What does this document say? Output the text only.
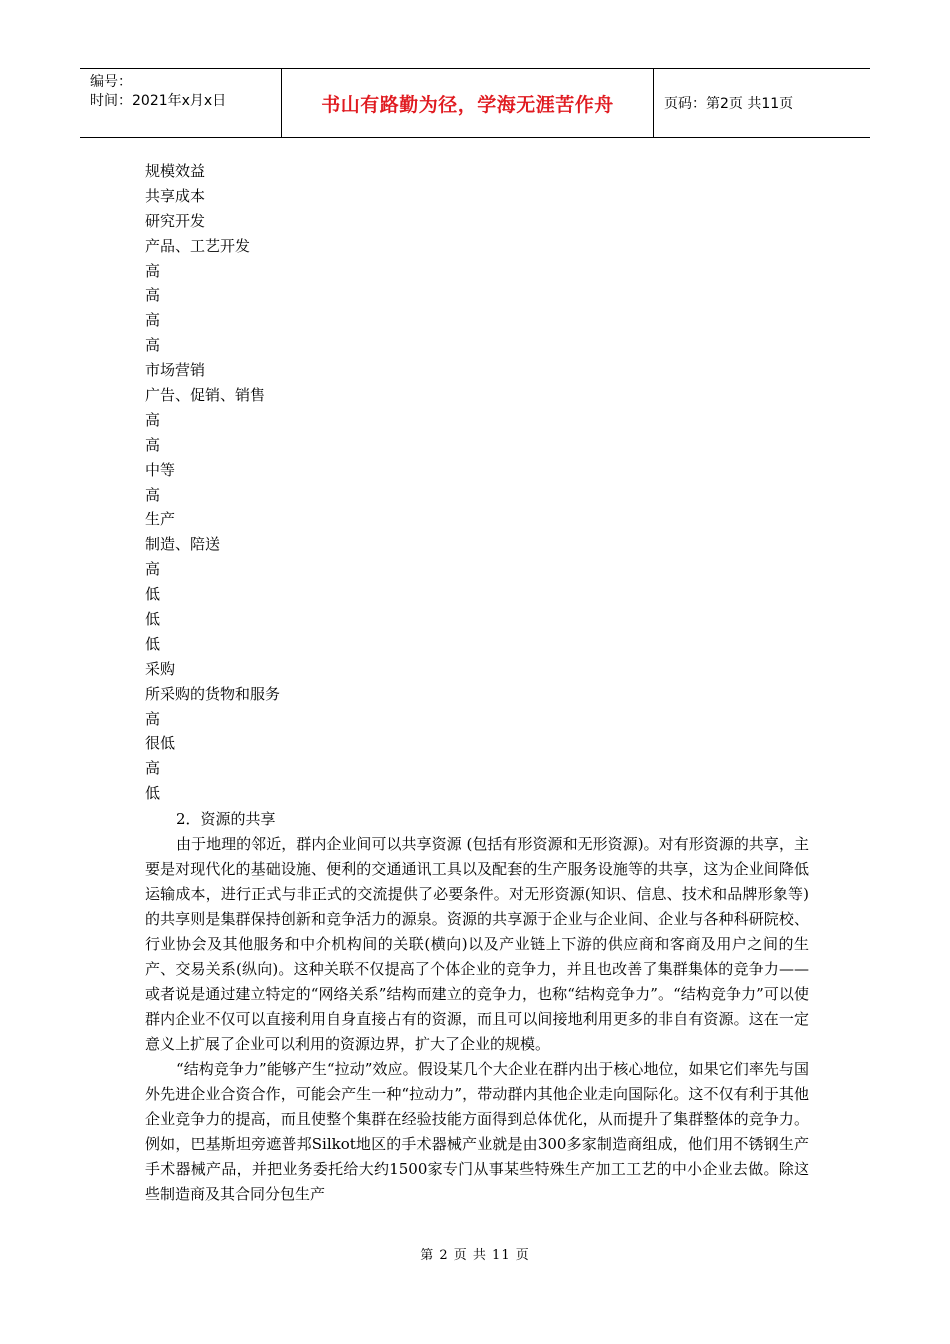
编号：
时间：2021年x月x日	书山有路勤为径，学海无涯苦作舟	页码：第2页 共11页
规模效益
共享成本
研究开发
产品、工艺开发
高
高
高
高
市场营销
广告、促销、销售
高
高
中等
高
生产
制造、陪送
高
低
低
低
采购
所采购的货物和服务
高
很低
高
低
2．资源的共享

由于地理的邻近，群内企业间可以共享资源 (包括有形资源和无形资源)。对有形资源的共享，主要是对现代化的基础设施、便利的交通通讯工具以及配套的生产服务设施等的共享，这为企业间降低运输成本，进行正式与非正式的交流提供了必要条件。对无形资源(知识、信息、技术和品牌形象等)的共享则是集群保持创新和竞争活力的源泉。资源的共享源于企业与企业间、企业与各种科研院校、行业协会及其他服务和中介机构间的关联(横向)以及产业链上下游的供应商和客商及用户之间的生产、交易关系(纵向)。这种关联不仅提高了个体企业的竞争力，并且也改善了集群集体的竞争力——或者说是通过建立特定的“网络关系”结构而建立的竞争力，也称“结构竞争力”。“结构竞争力”可以使群内企业不仅可以直接利用自身直接占有的资源，而且可以间接地利用更多的非自有资源。这在一定意义上扩展了企业可以利用的资源边界，扩大了企业的规模。

“结构竞争力”能够产生“拉动”效应。假设某几个大企业在群内出于核心地位，如果它们率先与国外先进企业合资合作，可能会产生一种“拉动力”，带动群内其他企业走向国际化。这不仅有利于其他企业竞争力的提高，而且使整个集群在经验技能方面得到总体优化，从而提升了集群整体的竞争力。例如，巴基斯坦旁遮普邦Silkot地区的手术器械产业就是由300多家制造商组成，他们用不锈钢生产手术器械产品，并把业务委托给大约1500家专门从事某些特殊生产加工工艺的中小企业去做。除这些制造商及其合同分包生产

第 2 页 共 11 页
